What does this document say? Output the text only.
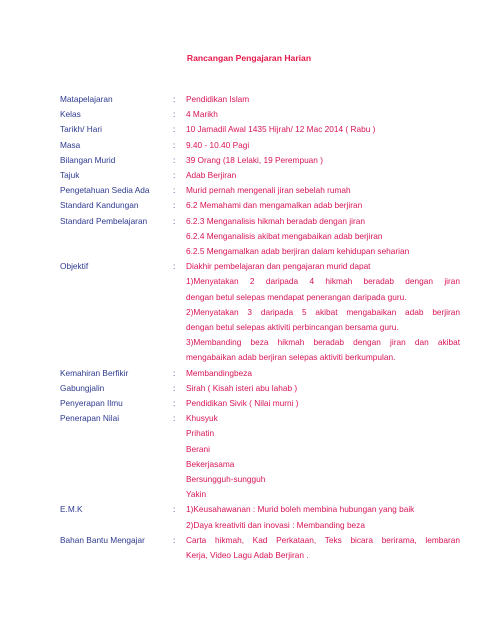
Rancangan Pengajaran Harian
Matapelajaran	:	Pendidikan Islam
Kelas	:	4 Marikh
Tarikh/ Hari	:	10 Jamadil Awal 1435 Hijrah/ 12 Mac 2014 ( Rabu )
Masa	:	9.40 - 10.40 Pagi
Bilangan Murid	:	39 Orang (18 Lelaki, 19 Perempuan )
Tajuk	:	Adab Berjiran
Pengetahuan Sedia Ada	:	Murid pernah mengenali jiran sebelah rumah
Standard Kandungan	:	6.2 Memahami dan mengamalkan adab berjiran
Standard Pembelajaran	:	6.2.3 Menganalisis hikmah beradab dengan jiran
6.2.4 Menganalisis akibat mengabaikan adab berjiran
6.2.5 Mengamalkan adab berjiran dalam kehidupan seharian
Objektif	:	Diakhir pembelajaran dan pengajaran murid dapat
1)Menyatakan 2 daripada 4 hikmah beradab dengan jiran
dengan betul selepas mendapat penerangan daripada guru.
2)Menyatakan 3 daripada 5 akibat mengabaikan adab berjiran
dengan betul selepas aktiviti perbincangan bersama guru.
3)Membanding beza hikmah beradab dengan jiran dan akibat
mengabaikan adab berjiran selepas aktiviti berkumpulan.
Kemahiran Berfikir	:	Membandingbeza
Gabungjalin	:	Sirah ( Kisah isteri abu lahab )
Penyerapan Ilmu	:	Pendidikan Sivik ( Nilai murni )
Penerapan Nilai	:	Khusyuk
Prihatin
Berani
Bekerjasama
Bersungguh-sungguh
Yakin
E.M.K	:	1)Keusahawanan : Murid boleh membina hubungan yang baik
2)Daya kreativiti dan inovasi : Membanding beza
Bahan Bantu Mengajar	:	Carta hikmah, Kad Perkataan, Teks bicara berirama, lembaran
Kerja, Video Lagu Adab Berjiran .
